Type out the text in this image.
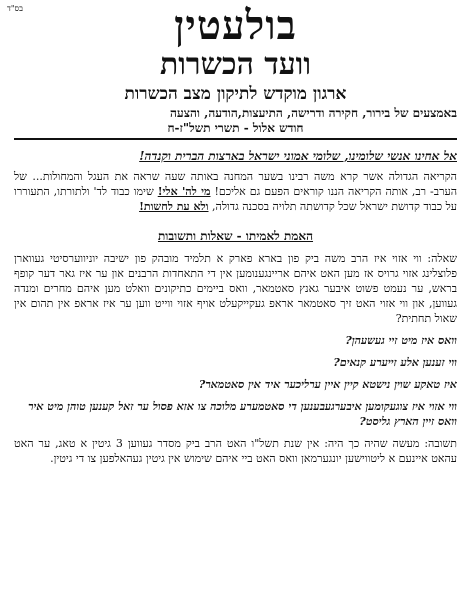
בס"ד	בולעטין
וועד הכשרות
ארגון מוקדש לתיקון מצב הכשרות
באמצעים של בירור, חקירה ודרישה, התיעצות,הודעה, והצעה
חודש אלול - תשרי תשל"ז-ח
אל אחינו אנשי שלומינו, שלומי אמוני ישראל בארצות הברית וקנדה!
הקריאה הגדולה אשר קרא משה רבינו בשער המחנה באותה שעה שראה את העגל והמחולות... של הערב- רב, אותה הקריאה הננו קוראים הפעם גם אליכם! מי לה' אלי! שימו כבוד לד' ולתורתו, התעוררו על כבוד קדושת ישראל שכל קדושתה תלויה בסכנה גדולה, ולא עת לחשות!
האמת לאמיתו - שאלות ותשובות
שאלה: ווי אזוי איז הרב משה ביק פון בארא פארק א תלמיד מובהק פון ישיבה יוניווערסיטי געווארן פלוצלינג אזוי גרויס אז מען האט איהם אריינגענומען אין די התאחדות הרבנים און ער איז גאר דער קופף בראש, ער נעמט פשוט איבער גאנץ סאטמאר, וואס ביימים כתיקונים וואלט מען איהם מחרים ומנדה געווען, און ווי אזוי האט זיך סאטמאר אראפ געקייקעלט אויף אזוי ווייט ווען ער איז אראפ אין תהום אין שאול תחתית?
וואס איז מיט זיי געשעהן?
ווי זענען אלע זייערע קנאים?
איז טאקע שוין נישטא קיין איין ערליכער איד אין סאטמאר?
ווי אזוי איז צוגעקומען איבערגעבענען די סאטמערע מלוכה צו אזא פסול ער זאל קענען טוהן מיט איר וואס זיין הארץ גליסט?
תשובה: מעשה שהיה כך היה: אין שנת תשל"ו האט הרב ביק מסדר געווען 3 גיטין א טאג, ער האט עהאט איינעם א ליטווישען יונגערמאן וואס האט ביי איהם שימוש אין גיטין געהאלפען צו די גיטין.
